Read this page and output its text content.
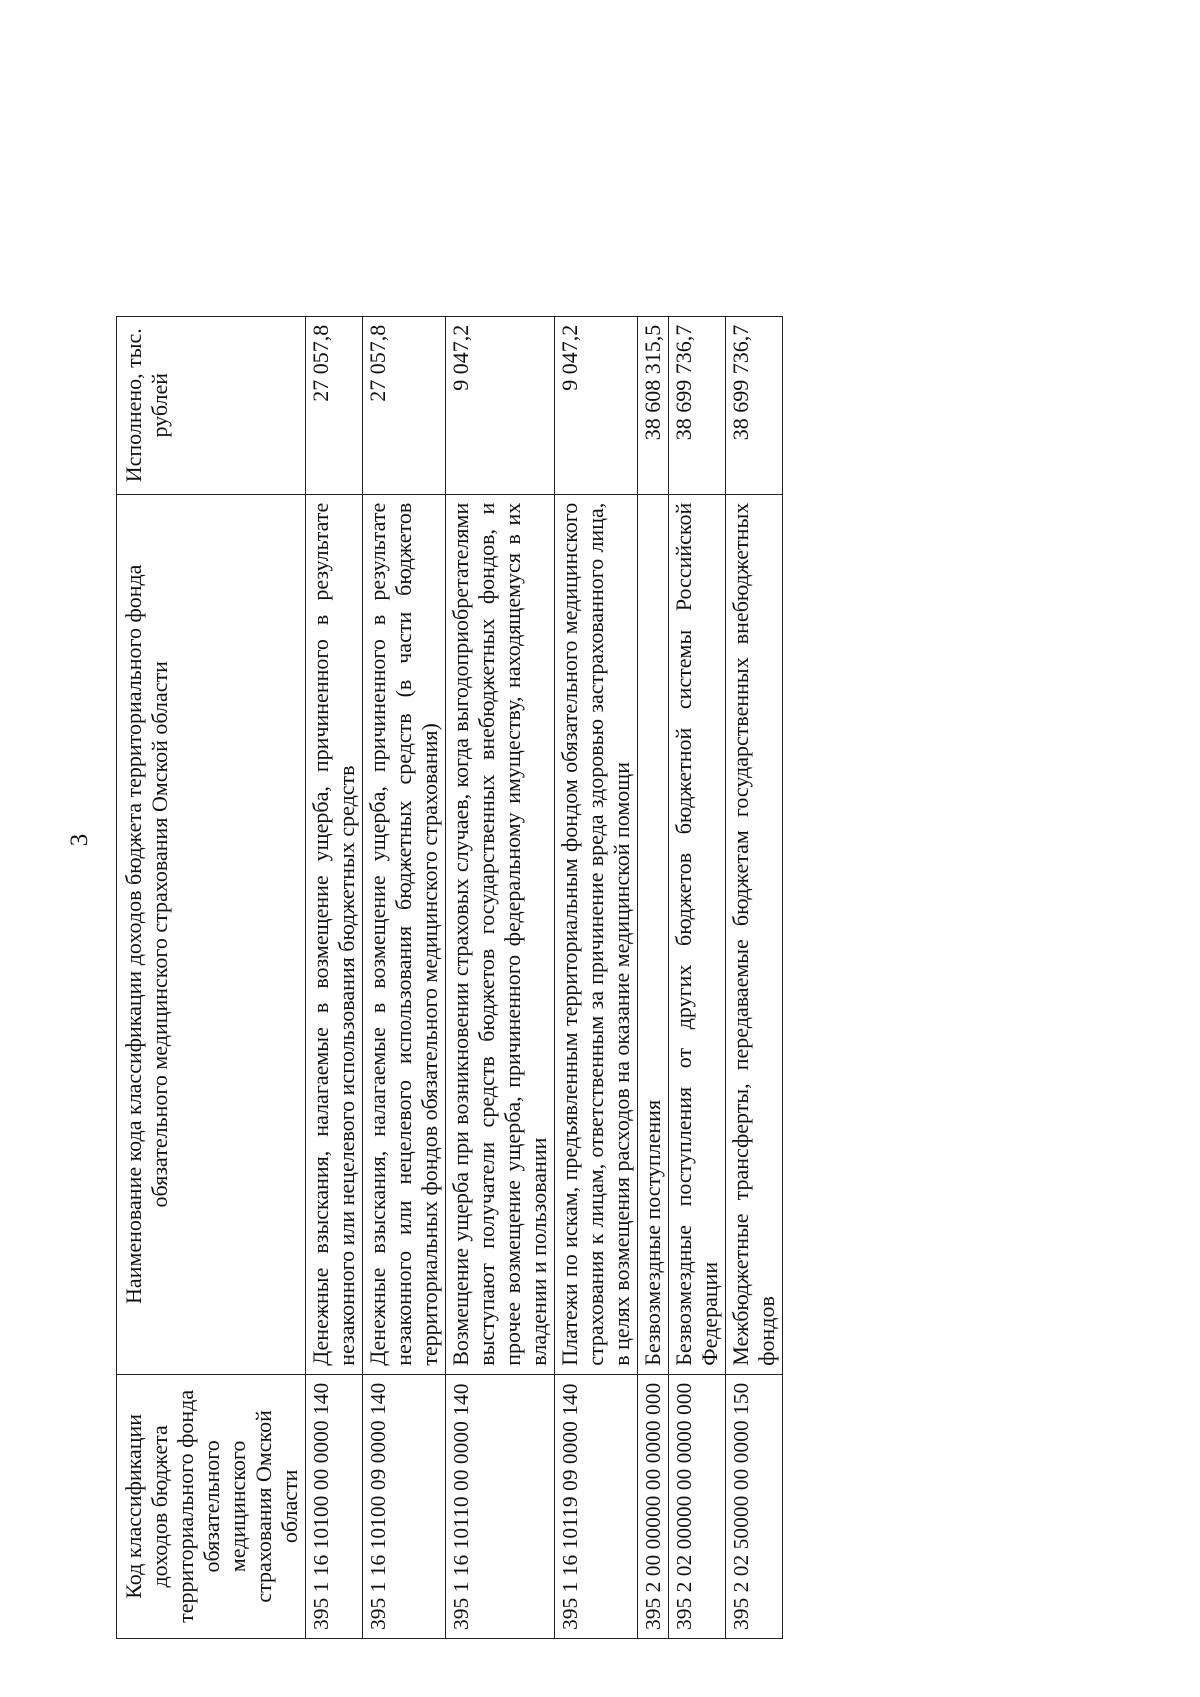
3
Код классификации доходов бюджета территориального фонда обязательного медицинского страхования Омской области	Наименование кода классификации доходов бюджета территориального фонда обязательного медицинского страхования Омской области	Исполнено, тыс. рублей
395 1 16 10100 00 0000 140	Денежные взыскания, налагаемые в возмещение ущерба, причиненного в результате незаконного или нецелевого использования бюджетных средств	27 057,8
395 1 16 10100 09 0000 140	Денежные взыскания, налагаемые в возмещение ущерба, причиненного в результате незаконного или нецелевого использования бюджетных средств (в части бюджетов территориальных фондов обязательного медицинского страхования)	27 057,8
395 1 16 10110 00 0000 140	Возмещение ущерба при возникновении страховых случаев, когда выгодоприобретателями выступают получатели средств бюджетов государственных внебюджетных фондов, и прочее возмещение ущерба, причиненного федеральному имуществу, находящемуся в их владении и пользовании	9 047,2
395 1 16 10119 09 0000 140	Платежи по искам, предъявленным территориальным фондом обязательного медицинского страхования к лицам, ответственным за причинение вреда здоровью застрахованного лица, в целях возмещения расходов на оказание медицинской помощи	9 047,2
395 2 00 00000 00 0000 000	Безвозмездные поступления	38 608 315,5
395 2 02 00000 00 0000 000	Безвозмездные поступления от других бюджетов бюджетной системы Российской Федерации	38 699 736,7
395 2 02 50000 00 0000 150	Межбюджетные трансферты, передаваемые бюджетам государственных внебюджетных фондов	38 699 736,7
